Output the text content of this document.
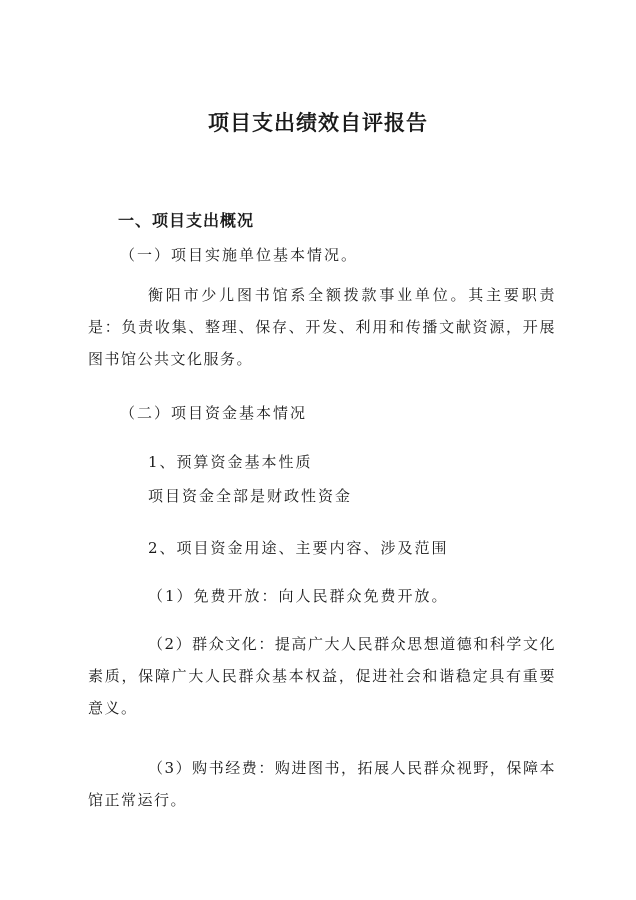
项目支出绩效自评报告
一、项目支出概况
（一）项目实施单位基本情况。
衡阳市少儿图书馆系全额拨款事业单位。其主要职责是：负责收集、整理、保存、开发、利用和传播文献资源，开展图书馆公共文化服务。
（二）项目资金基本情况
1、预算资金基本性质
项目资金全部是财政性资金
2、项目资金用途、主要内容、涉及范围
（1）免费开放：向人民群众免费开放。
（2）群众文化：提高广大人民群众思想道德和科学文化素质，保障广大人民群众基本权益，促进社会和谐稳定具有重要意义。
（3）购书经费：购进图书，拓展人民群众视野，保障本馆正常运行。
